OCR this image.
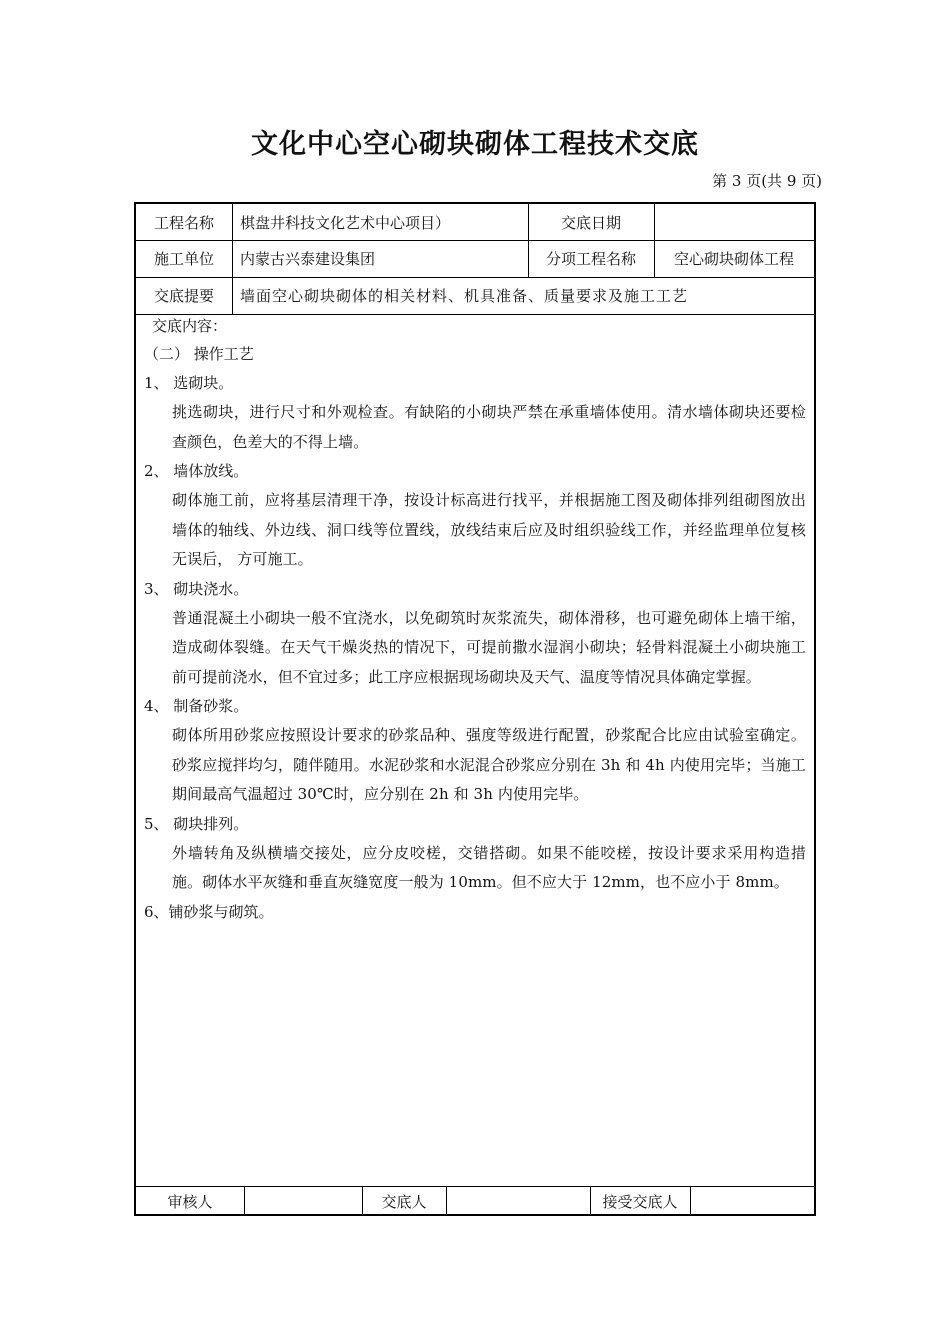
文化中心空心砌块砌体工程技术交底
第 3 页(共 9 页)
工程名称	棋盘井科技文化艺术中心项目）	交底日期
施工单位	内蒙古兴泰建设集团	分项工程名称	空心砌块砌体工程
交底提要	墙面空心砌块砌体的相关材料、机具准备、质量要求及施工工艺
交底内容：
（二） 操作工艺
1、 选砌块。

挑选砌块，进行尺寸和外观检查。有缺陷的小砌块严禁在承重墙体使用。清水墙体砌块还要检查颜色，色差大的不得上墙。

2、 墙体放线。

砌体施工前，应将基层清理干净，按设计标高进行找平，并根据施工图及砌体排列组砌图放出墙体的轴线、外边线、洞口线等位置线，放线结束后应及时组织验线工作，并经监理单位复核无误后， 方可施工。

3、 砌块浇水。

普通混凝土小砌块一般不宜浇水，以免砌筑时灰浆流失，砌体滑移，也可避免砌体上墙干缩，造成砌体裂缝。在天气干燥炎热的情况下，可提前撒水湿润小砌块；轻骨料混凝土小砌块施工前可提前浇水，但不宜过多；此工序应根据现场砌块及天气、温度等情况具体确定掌握。

4、 制备砂浆。

砌体所用砂浆应按照设计要求的砂浆品种、强度等级进行配置，砂浆配合比应由试验室确定。砂浆应搅拌均匀，随伴随用。水泥砂浆和水泥混合砂浆应分别在 3h 和 4h 内使用完毕；当施工期间最高气温超过 30℃时，应分别在 2h 和 3h 内使用完毕。

5、 砌块排列。

外墙转角及纵横墙交接处，应分皮咬槎，交错搭砌。如果不能咬槎，按设计要求采用构造措施。砌体水平灰缝和垂直灰缝宽度一般为 10mm。但不应大于 12mm，也不应小于 8mm。

6、铺砂浆与砌筑。
审核人	交底人	接受交底人
